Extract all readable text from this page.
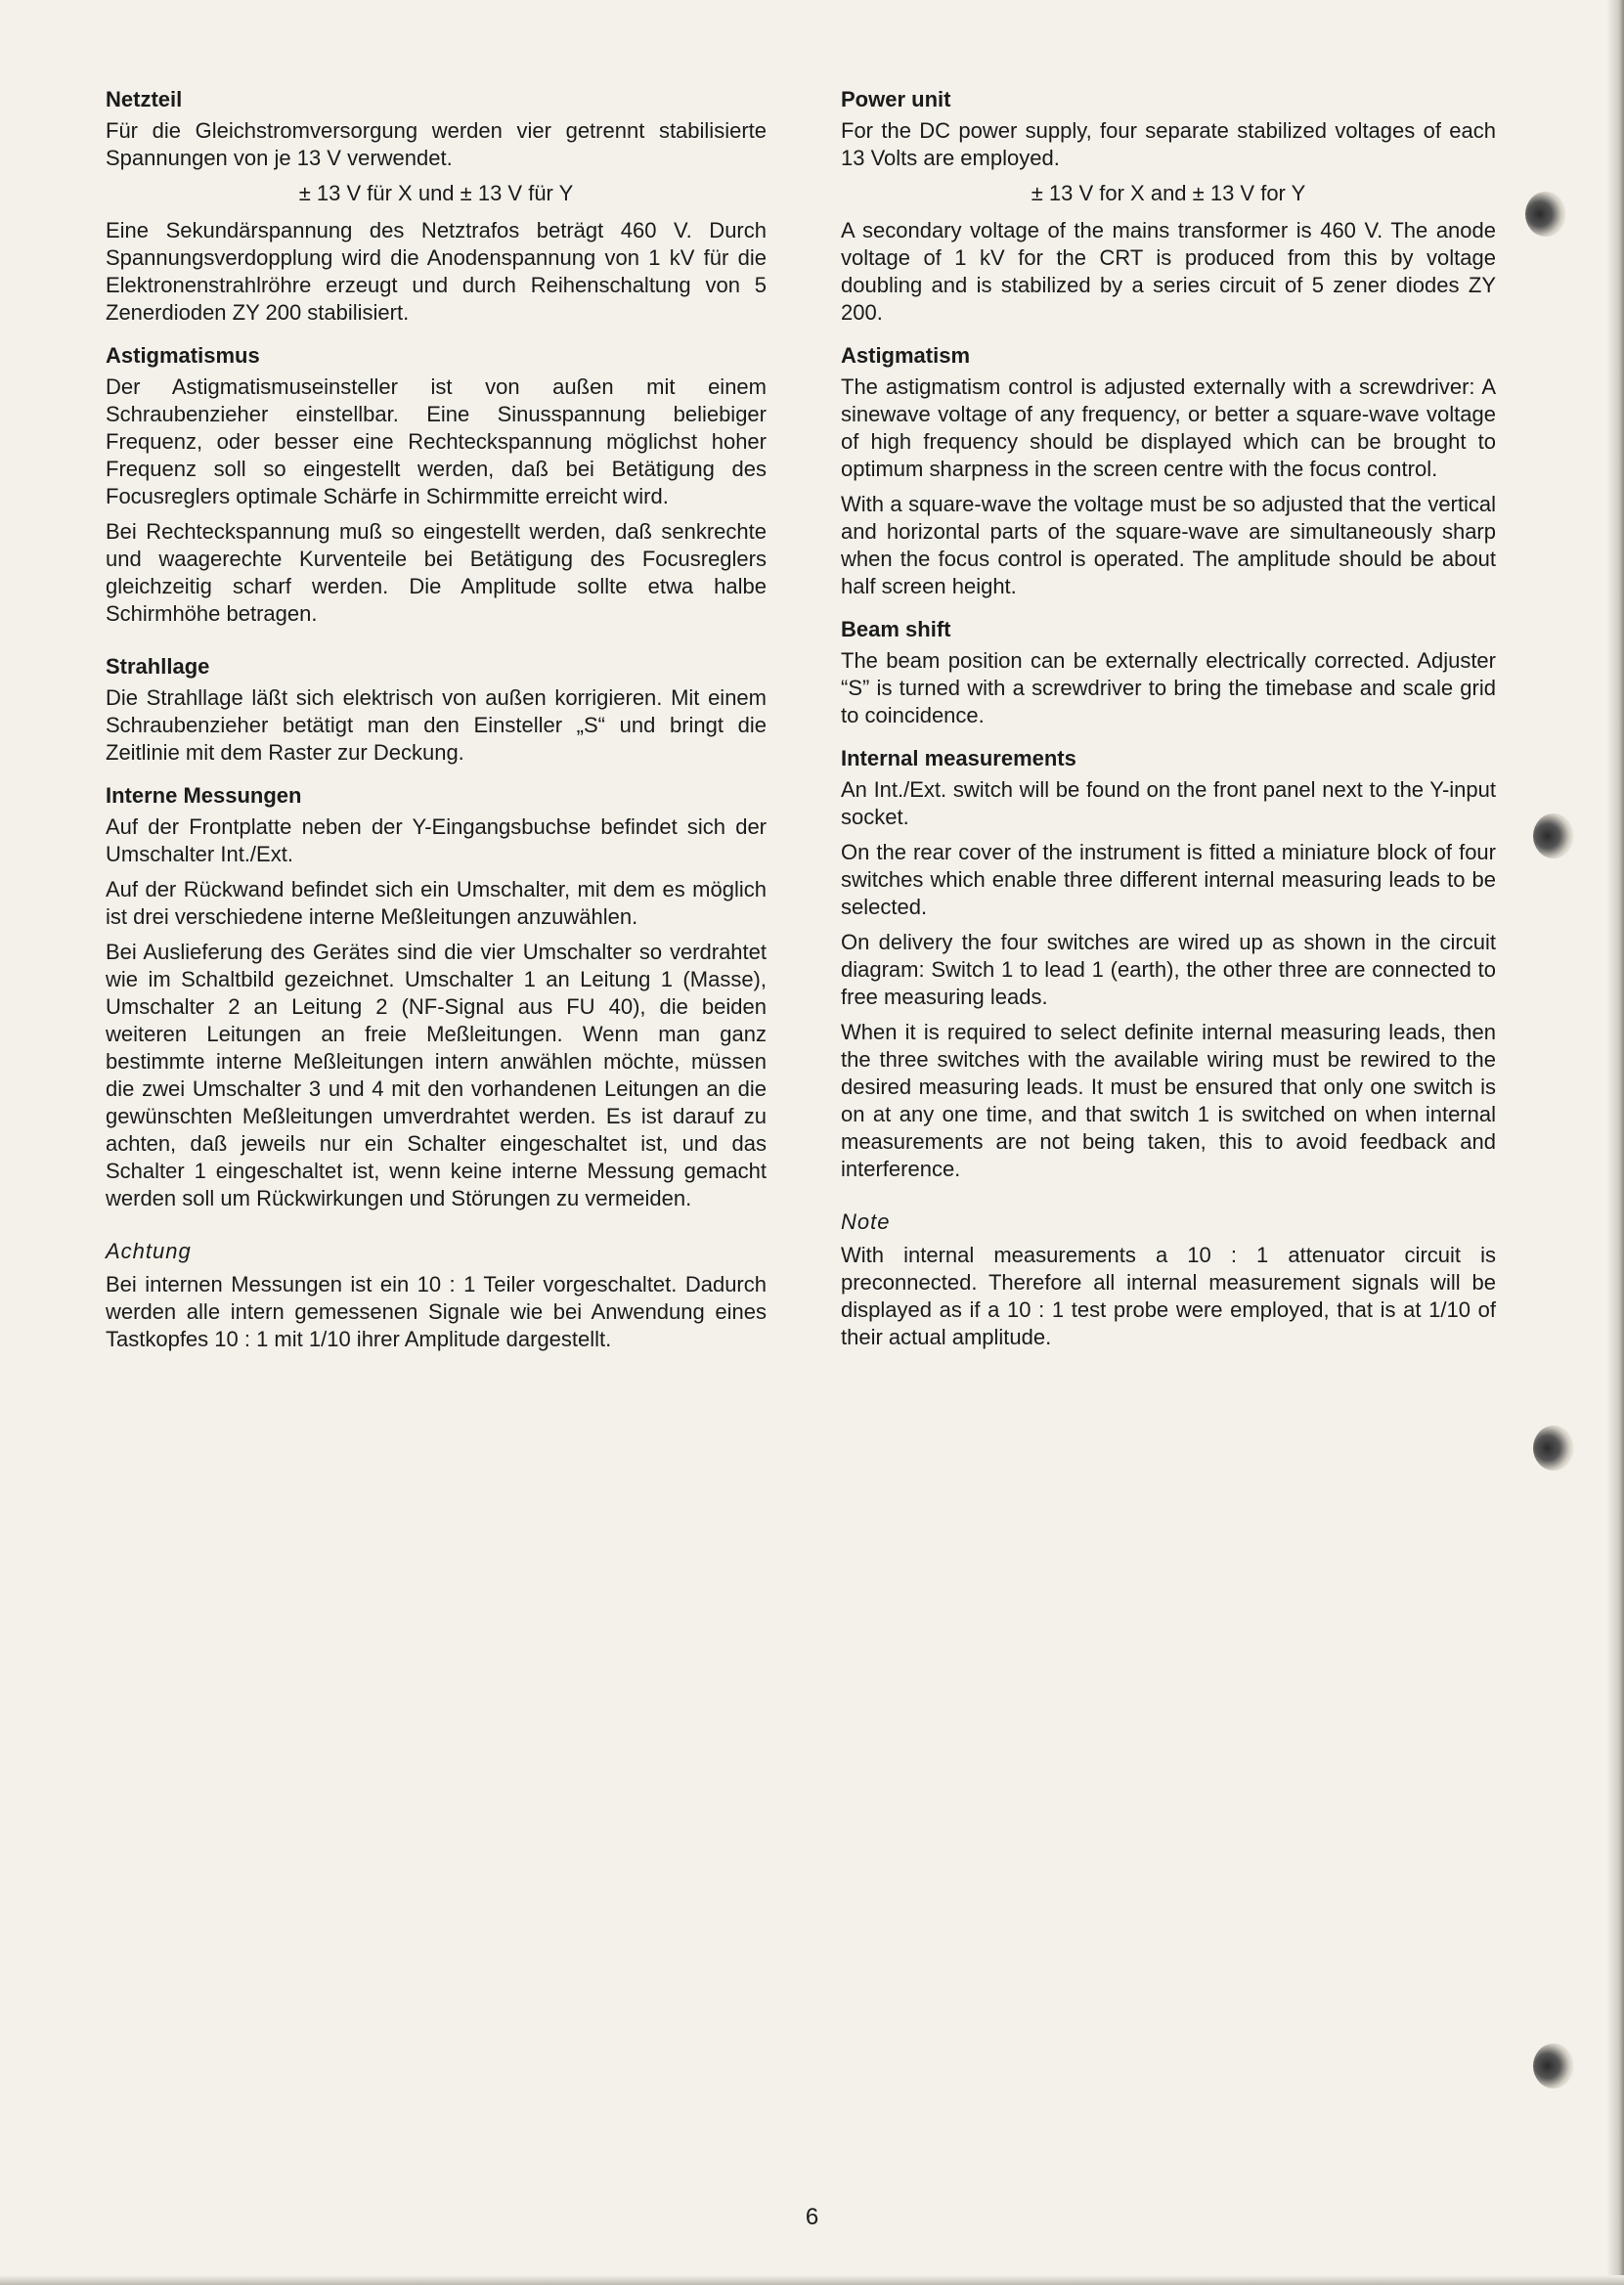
Netzteil

Für die Gleichstromversorgung werden vier getrennt stabilisierte Spannungen von je 13 V verwendet.

± 13 V für X und ± 13 V für Y

Eine Sekundärspannung des Netztrafos beträgt 460 V. Durch Spannungsverdopplung wird die Anodenspannung von 1 kV für die Elektronenstrahlröhre erzeugt und durch Reihenschaltung von 5 Zenerdioden ZY 200 stabilisiert.

Astigmatismus

Der Astigmatismuseinsteller ist von außen mit einem Schraubenzieher einstellbar. Eine Sinusspannung beliebiger Frequenz, oder besser eine Rechteckspannung möglichst hoher Frequenz soll so eingestellt werden, daß bei Betätigung des Focusreglers optimale Schärfe in Schirmmitte erreicht wird.

Bei Rechteckspannung muß so eingestellt werden, daß senkrechte und waagerechte Kurventeile bei Betätigung des Focusreglers gleichzeitig scharf werden. Die Amplitude sollte etwa halbe Schirmhöhe betragen.

Strahllage

Die Strahllage läßt sich elektrisch von außen korrigieren. Mit einem Schraubenzieher betätigt man den Einsteller „S“ und bringt die Zeitlinie mit dem Raster zur Deckung.

Interne Messungen

Auf der Frontplatte neben der Y-Eingangsbuchse befindet sich der Umschalter Int./Ext.

Auf der Rückwand befindet sich ein Umschalter, mit dem es möglich ist drei verschiedene interne Meßleitungen anzuwählen.

Bei Auslieferung des Gerätes sind die vier Umschalter so verdrahtet wie im Schaltbild gezeichnet. Umschalter 1 an Leitung 1 (Masse), Umschalter 2 an Leitung 2 (NF-Signal aus FU 40), die beiden weiteren Leitungen an freie Meßleitungen. Wenn man ganz bestimmte interne Meßleitungen intern anwählen möchte, müssen die zwei Umschalter 3 und 4 mit den vorhandenen Leitungen an die gewünschten Meßleitungen umverdrahtet werden. Es ist darauf zu achten, daß jeweils nur ein Schalter eingeschaltet ist, und das Schalter 1 eingeschaltet ist, wenn keine interne Messung gemacht werden soll um Rückwirkungen und Störungen zu vermeiden.

Achtung

Bei internen Messungen ist ein 10 : 1 Teiler vorgeschaltet. Dadurch werden alle intern gemessenen Signale wie bei Anwendung eines Tastkopfes 10 : 1 mit 1/10 ihrer Amplitude dargestellt.

Power unit

For the DC power supply, four separate stabilized voltages of each 13 Volts are employed.

± 13 V for X and ± 13 V for Y

A secondary voltage of the mains transformer is 460 V. The anode voltage of 1 kV for the CRT is produced from this by voltage doubling and is stabilized by a series circuit of 5 zener diodes ZY 200.

Astigmatism

The astigmatism control is adjusted externally with a screwdriver: A sinewave voltage of any frequency, or better a square-wave voltage of high frequency should be displayed which can be brought to optimum sharpness in the screen centre with the focus control.

With a square-wave the voltage must be so adjusted that the vertical and horizontal parts of the square-wave are simultaneously sharp when the focus control is operated. The amplitude should be about half screen height.

Beam shift

The beam position can be externally electrically corrected. Adjuster “S” is turned with a screwdriver to bring the timebase and scale grid to coincidence.

Internal measurements

An Int./Ext. switch will be found on the front panel next to the Y-input socket.

On the rear cover of the instrument is fitted a miniature block of four switches which enable three different internal measuring leads to be selected.

On delivery the four switches are wired up as shown in the circuit diagram: Switch 1 to lead 1 (earth), the other three are connected to free measuring leads.

When it is required to select definite internal measuring leads, then the three switches with the available wiring must be rewired to the desired measuring leads. It must be ensured that only one switch is on at any one time, and that switch 1 is switched on when internal measurements are not being taken, this to avoid feedback and interference.

Note

With internal measurements a 10 : 1 attenuator circuit is preconnected. Therefore all internal measurement signals will be displayed as if a 10 : 1 test probe were employed, that is at 1/10 of their actual amplitude.

6
